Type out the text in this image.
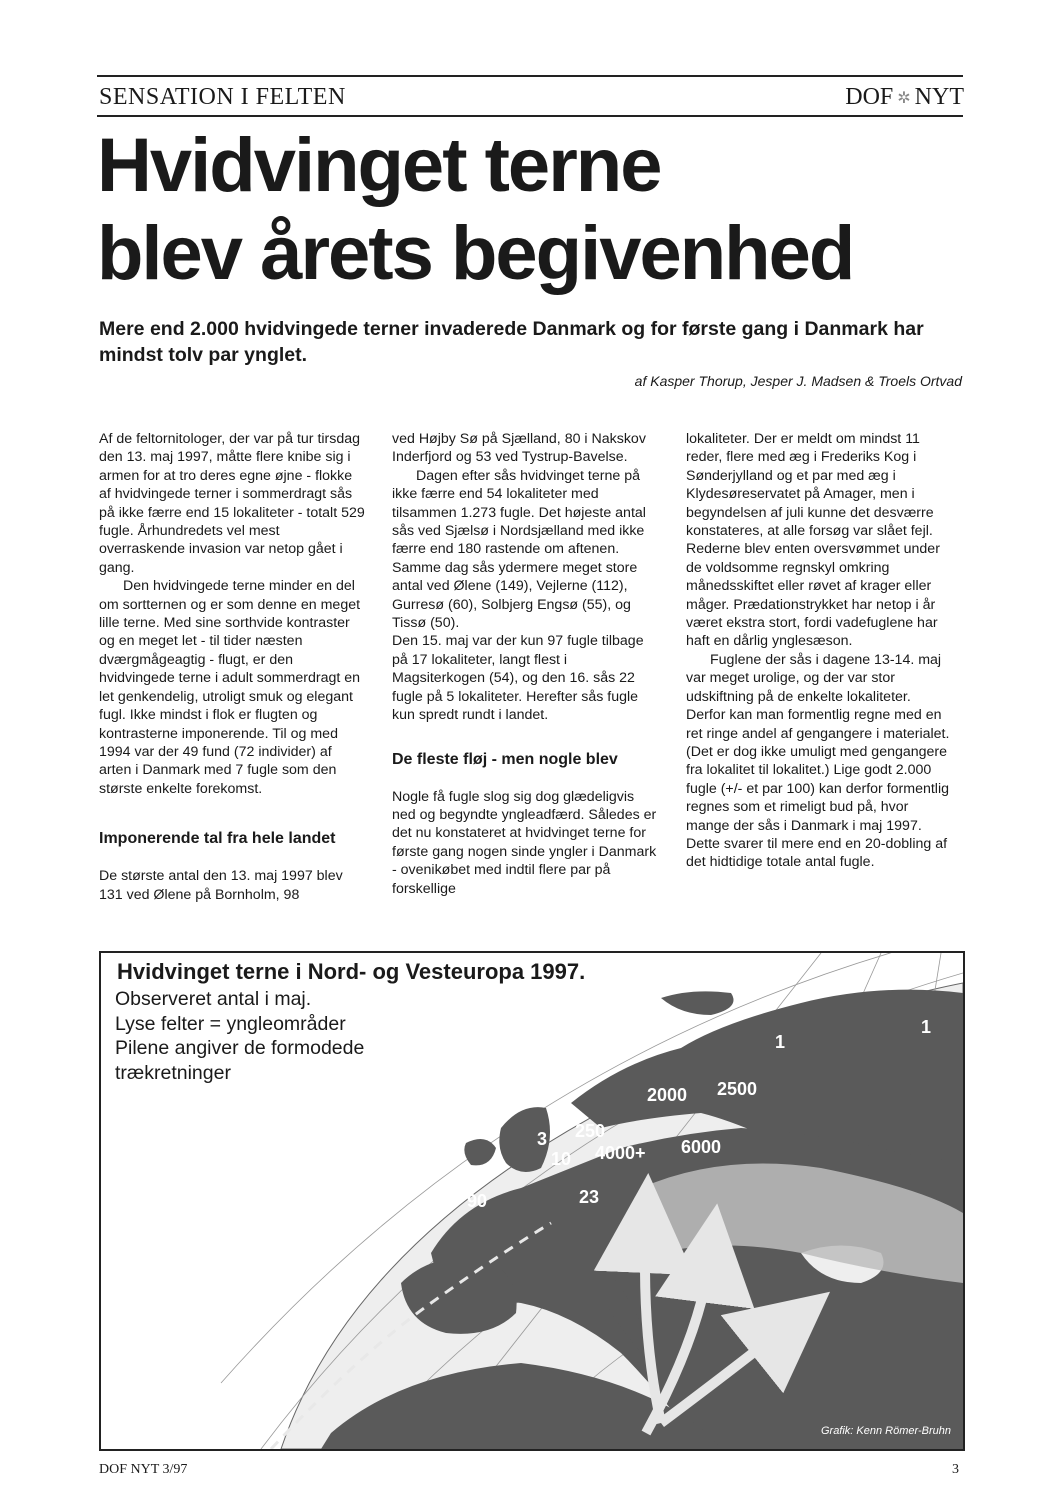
SENSATION I FELTEN	DOF ✲ NYT
Hvidvinget terne
blev årets begivenhed

Mere end 2.000 hvidvingede terner invaderede Danmark og for første gang i Danmark har mindst tolv par ynglet.

af Kasper Thorup, Jesper J. Madsen & Troels Ortvad

Af de feltornitologer, der var på tur tirsdag den 13. maj 1997, måtte flere knibe sig i armen for at tro deres egne øjne - flokke af hvidvingede terner i sommerdragt sås på ikke færre end 15 lokaliteter - totalt 529 fugle. Århundredets vel mest overraskende invasion var netop gået i gang.

Den hvidvingede terne minder en del om sortternen og er som denne en meget lille terne. Med sine sorthvide kontraster og en meget let - til tider næsten dværgmågeagtig - flugt, er den hvidvingede terne i adult sommerdragt en let genkendelig, utroligt smuk og elegant fugl. Ikke mindst i flok er flugten og kontrasterne imponerende. Til og med 1994 var der 49 fund (72 individer) af arten i Danmark med 7 fugle som den største enkelte forekomst.

Imponerende tal fra hele landet

De største antal den 13. maj 1997 blev 131 ved Ølene på Bornholm, 98

ved Højby Sø på Sjælland, 80 i Nakskov Inderfjord og 53 ved Tystrup-Bavelse.

Dagen efter sås hvidvinget terne på ikke færre end 54 lokaliteter med tilsammen 1.273 fugle. Det højeste antal sås ved Sjælsø i Nordsjælland med ikke færre end 180 rastende om aftenen. Samme dag sås ydermere meget store antal ved Ølene (149), Vejlerne (112), Gurresø (60), Solbjerg Engsø (55), og Tissø (50).

Den 15. maj var der kun 97 fugle tilbage på 17 lokaliteter, langt flest i Magsiterkogen (54), og den 16. sås 22 fugle på 5 lokaliteter. Herefter sås fugle kun spredt rundt i landet.

De fleste fløj - men nogle blev

Nogle få fugle slog sig dog glædeligvis ned og begyndte yngleadfærd. Således er det nu konstateret at hvidvinget terne for første gang nogen sinde yngler i Danmark - ovenikøbet med indtil flere par på forskellige

lokaliteter. Der er meldt om mindst 11 reder, flere med æg i Frederiks Kog i Sønderjylland og et par med æg i Klydesøreservatet på Amager, men i begyndelsen af juli kunne det desværre konstateres, at alle forsøg var slået fejl. Rederne blev enten oversvømmet under de voldsomme regnskyl omkring månedsskiftet eller røvet af krager eller måger. Prædationstrykket har netop i år været ekstra stort, fordi vadefuglene har haft en dårlig ynglesæson.

Fuglene der sås i dagene 13-14. maj var meget urolige, og der var stor udskiftning på de enkelte lokaliteter. Derfor kan man formentlig regne med en ret ringe andel af gengangere i materialet. (Det er dog ikke umuligt med gengangere fra lokalitet til lokalitet.) Lige godt 2.000 fugle (+/- et par 100) kan derfor formentlig regnes som et rimeligt bud på, hvor mange der sås i Danmark i maj 1997. Dette svarer til mere end en 20-dobling af det hidtidige totale antal fugle.

1
1
1
2000 2500
3 250
10 4000+ 6000
90	23
Hvidvinget terne i Nord- og Vesteuropa 1997.
Observeret antal i maj.
Lyse felter = yngleområder
Pilene angiver de formodede
trækretninger
Grafik: Kenn Römer-Bruhn
DOF NYT 3/97	3
